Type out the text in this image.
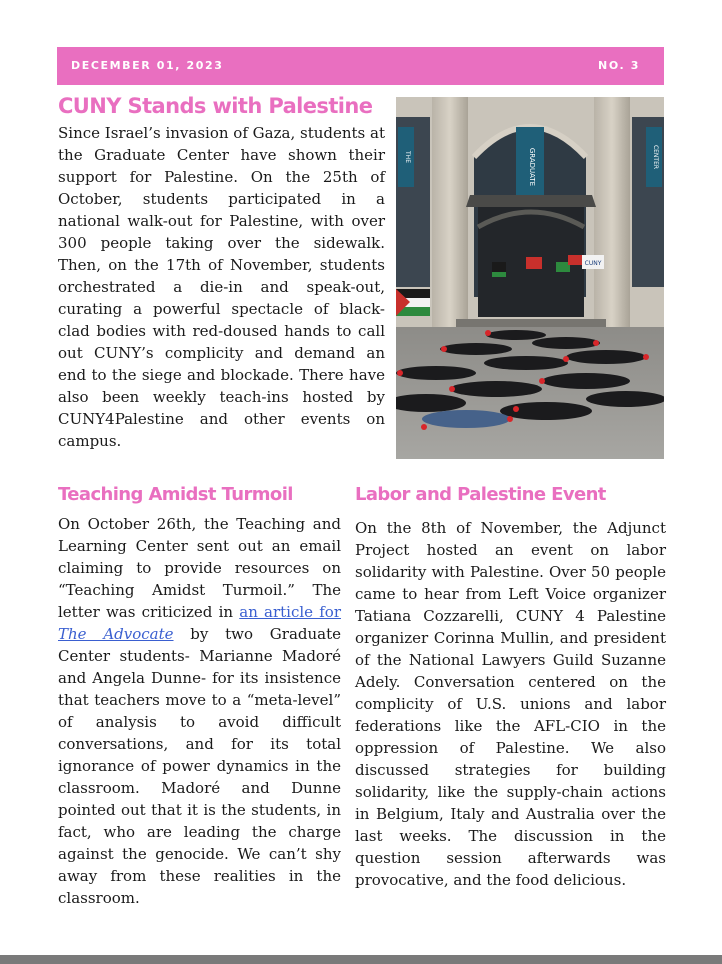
DECEMBER 01, 2023	NO. 3
CUNY Stands with Palestine

Since Israel’s invasion of Gaza, students at the Graduate Center have shown their support for Palestine. On the 25th of October, students participated in a national walk-out for Palestine, with over 300 people taking over the sidewalk. Then, on the 17th of November, students orchestrated a die-in and speak-out, curating a powerful spectacle of black-clad bodies with red-doused hands to call out CUNY’s complicity and demand an end to the siege and blockade. There have also been weekly teach-ins hosted by CUNY4Palestine and other events on campus.

GRADUATE
THE	CENTER
CUNY
Teaching Amidst Turmoil

On October 26th, the Teaching and Learning Center sent out an email claiming to provide resources on “Teaching Amidst Turmoil.” The letter was criticized in an article for The Advocate by two Graduate Center students- Marianne Madoré and Angela Dunne- for its insistence that teachers move to a “meta-level” of analysis to avoid difficult conversations, and for its total ignorance of power dynamics in the classroom. Madoré and Dunne pointed out that it is the students, in fact, who are leading the charge against the genocide. We can’t shy away from these realities in the classroom.

Labor and Palestine Event

On the 8th of November, the Adjunct Project hosted an event on labor solidarity with Palestine. Over 50 people came to hear from Left Voice organizer Tatiana Cozzarelli, CUNY 4 Palestine organizer Corinna Mullin, and president of the National Lawyers Guild Suzanne Adely. Conversation centered on the complicity of U.S. unions and labor federations like the AFL-CIO in the oppression of Palestine. We also discussed strategies for building solidarity, like the supply-chain actions in Belgium, Italy and Australia over the last weeks. The discussion in the question session afterwards was provocative, and the food delicious.
